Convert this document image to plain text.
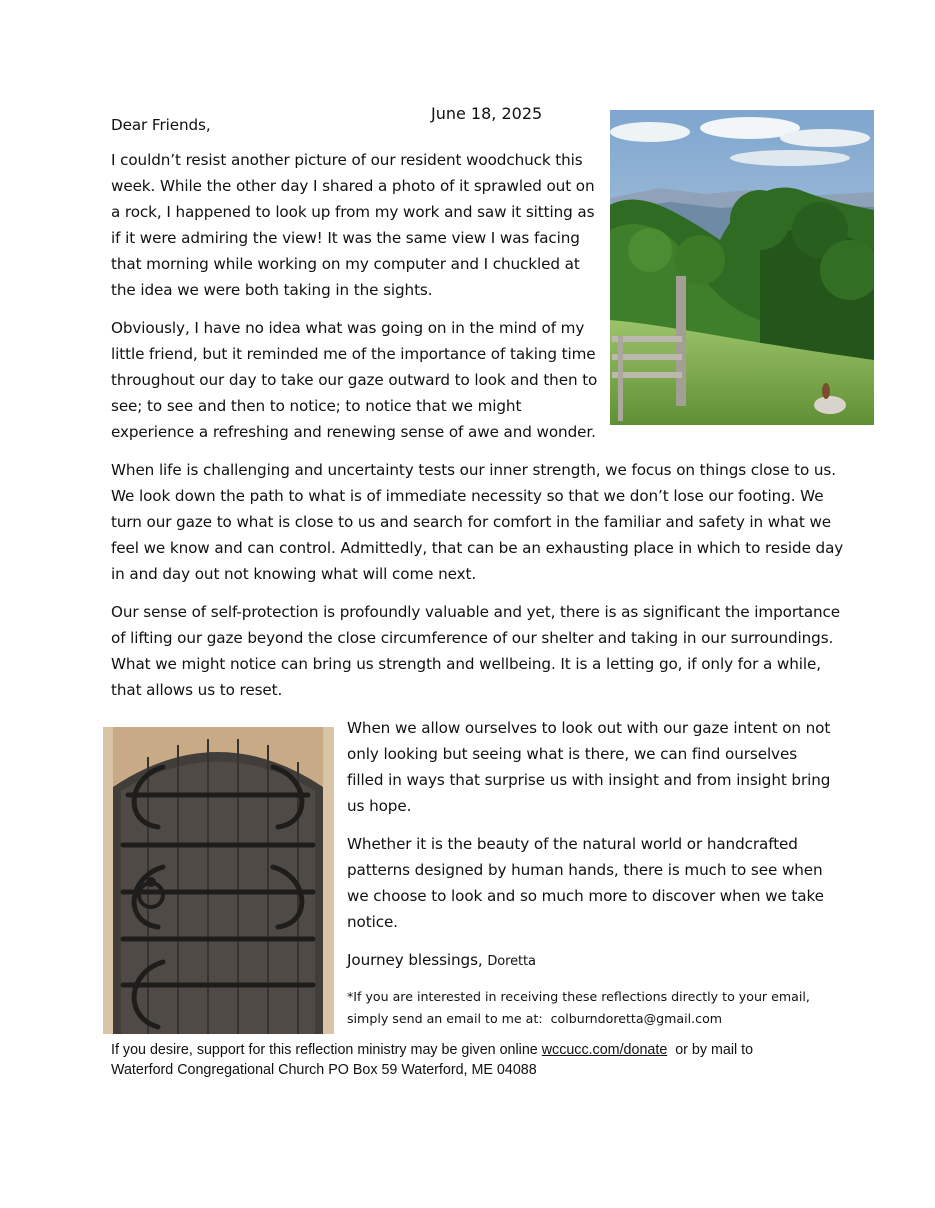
June 18, 2025
Dear Friends,

I couldn’t resist another picture of our resident woodchuck this week. While the other day I shared a photo of it sprawled out on a rock, I happened to look up from my work and saw it sitting as if it were admiring the view! It was the same view I was facing that morning while working on my computer and I chuckled at the idea we were both taking in the sights.

Obviously, I have no idea what was going on in the mind of my little friend, but it reminded me of the importance of taking time throughout our day to take our gaze outward to look and then to see; to see and then to notice; to notice that we might experience a refreshing and renewing sense of awe and wonder.

When life is challenging and uncertainty tests our inner strength, we focus on things close to us. We look down the path to what is of immediate necessity so that we don’t lose our footing. We turn our gaze to what is close to us and search for comfort in the familiar and safety in what we feel we know and can control. Admittedly, that can be an exhausting place in which to reside day in and day out not knowing what will come next.

Our sense of self-protection is profoundly valuable and yet, there is as significant the importance of lifting our gaze beyond the close circumference of our shelter and taking in our surroundings. What we might notice can bring us strength and wellbeing. It is a letting go, if only for a while, that allows us to reset.

When we allow ourselves to look out with our gaze intent on not only looking but seeing what is there, we can find ourselves filled in ways that surprise us with insight and from insight bring us hope.

Whether it is the beauty of the natural world or handcrafted patterns designed by human hands, there is much to see when we choose to look and so much more to discover when we take notice.

Journey blessings, Doretta
*If you are interested in receiving these reflections directly to your email,
simply send an email to me at: colburndoretta@gmail.com
If you desire, support for this reflection ministry may be given online wccucc.com/donate or by mail to
Waterford Congregational Church PO Box 59 Waterford, ME 04088
